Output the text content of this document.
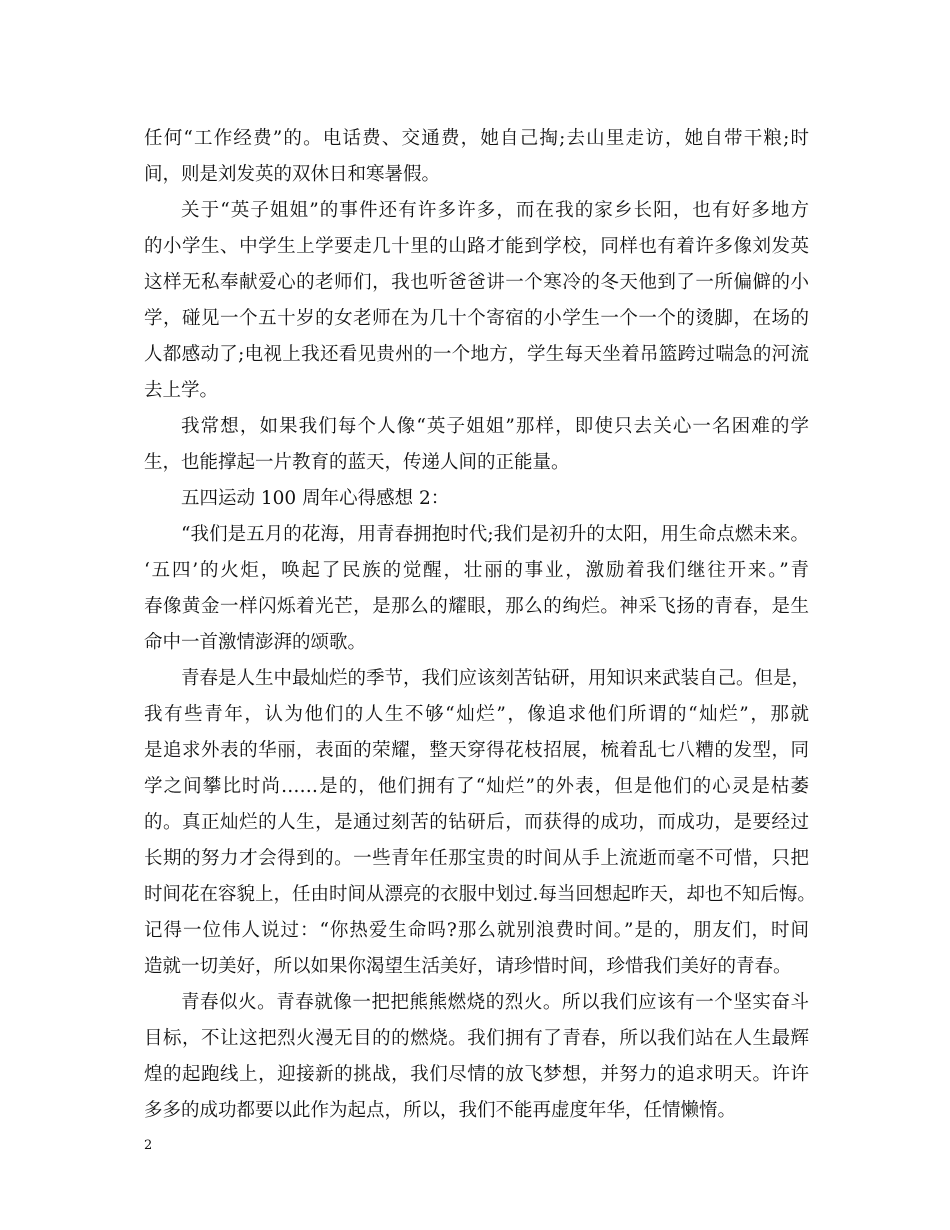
任何“工作经费”的。电话费、交通费，她自己掏;去山里走访，她自带干粮;时
间，则是刘发英的双休日和寒暑假。
关于“英子姐姐”的事件还有许多许多，而在我的家乡长阳，也有好多地方
的小学生、中学生上学要走几十里的山路才能到学校，同样也有着许多像刘发英
这样无私奉献爱心的老师们，我也听爸爸讲一个寒冷的冬天他到了一所偏僻的小
学，碰见一个五十岁的女老师在为几十个寄宿的小学生一个一个的烫脚，在场的
人都感动了;电视上我还看见贵州的一个地方，学生每天坐着吊篮跨过喘急的河流
去上学。
我常想，如果我们每个人像“英子姐姐”那样，即使只去关心一名困难的学
生，也能撑起一片教育的蓝天，传递人间的正能量。
五四运动 100 周年心得感想 2：
“我们是五月的花海，用青春拥抱时代;我们是初升的太阳，用生命点燃未来。
‘五四’的火炬，唤起了民族的觉醒，壮丽的事业，激励着我们继往开来。”青
春像黄金一样闪烁着光芒，是那么的耀眼，那么的绚烂。神采飞扬的青春，是生
命中一首激情澎湃的颂歌。
青春是人生中最灿烂的季节，我们应该刻苦钻研，用知识来武装自己。但是，
我有些青年，认为他们的人生不够“灿烂”，像追求他们所谓的“灿烂”，那就
是追求外表的华丽，表面的荣耀，整天穿得花枝招展，梳着乱七八糟的发型，同
学之间攀比时尚……是的，他们拥有了“灿烂”的外表，但是他们的心灵是枯萎
的。真正灿烂的人生，是通过刻苦的钻研后，而获得的成功，而成功，是要经过
长期的努力才会得到的。一些青年任那宝贵的时间从手上流逝而毫不可惜，只把
时间花在容貌上，任由时间从漂亮的衣服中划过.每当回想起昨天，却也不知后悔。
记得一位伟人说过：“你热爱生命吗?那么就别浪费时间。”是的，朋友们，时间
造就一切美好，所以如果你渴望生活美好，请珍惜时间，珍惜我们美好的青春。
青春似火。青春就像一把把熊熊燃烧的烈火。所以我们应该有一个坚实奋斗
目标，不让这把烈火漫无目的的燃烧。我们拥有了青春，所以我们站在人生最辉
煌的起跑线上，迎接新的挑战，我们尽情的放飞梦想，并努力的追求明天。许许
多多的成功都要以此作为起点，所以，我们不能再虚度年华，任情懒惰。
2
